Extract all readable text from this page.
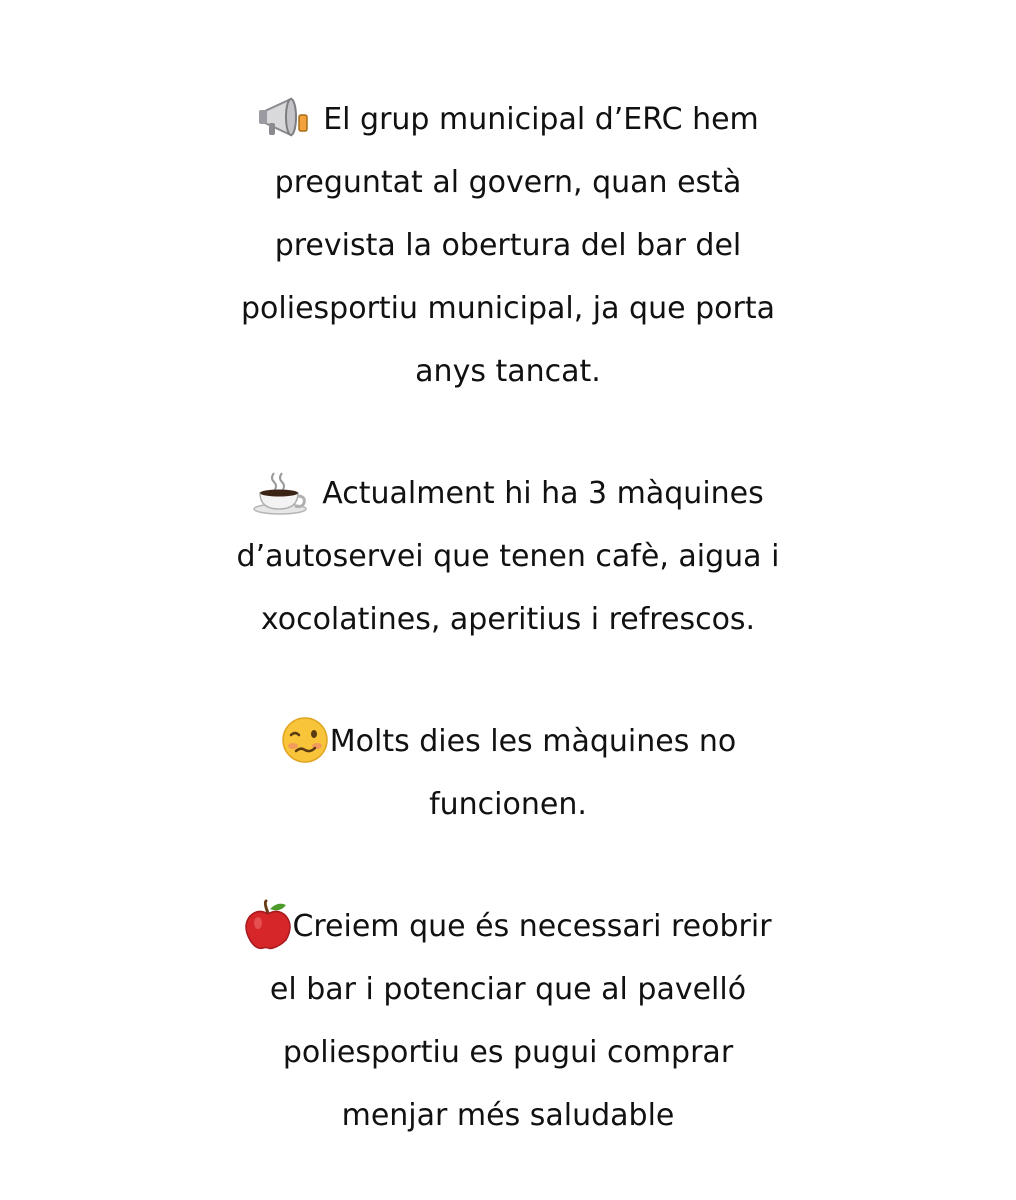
El grup municipal d’ERC hem
preguntat al govern, quan està
prevista la obertura del bar del
poliesportiu municipal, ja que porta
anys tancat.

Actualment hi ha 3 màquines
d’autoservei que tenen cafè, aigua i
xocolatines, aperitius i refrescos.

Molts dies les màquines no
funcionen.

Creiem que és necessari reobrir
el bar i potenciar que al pavelló
poliesportiu es pugui comprar
menjar més saludable
